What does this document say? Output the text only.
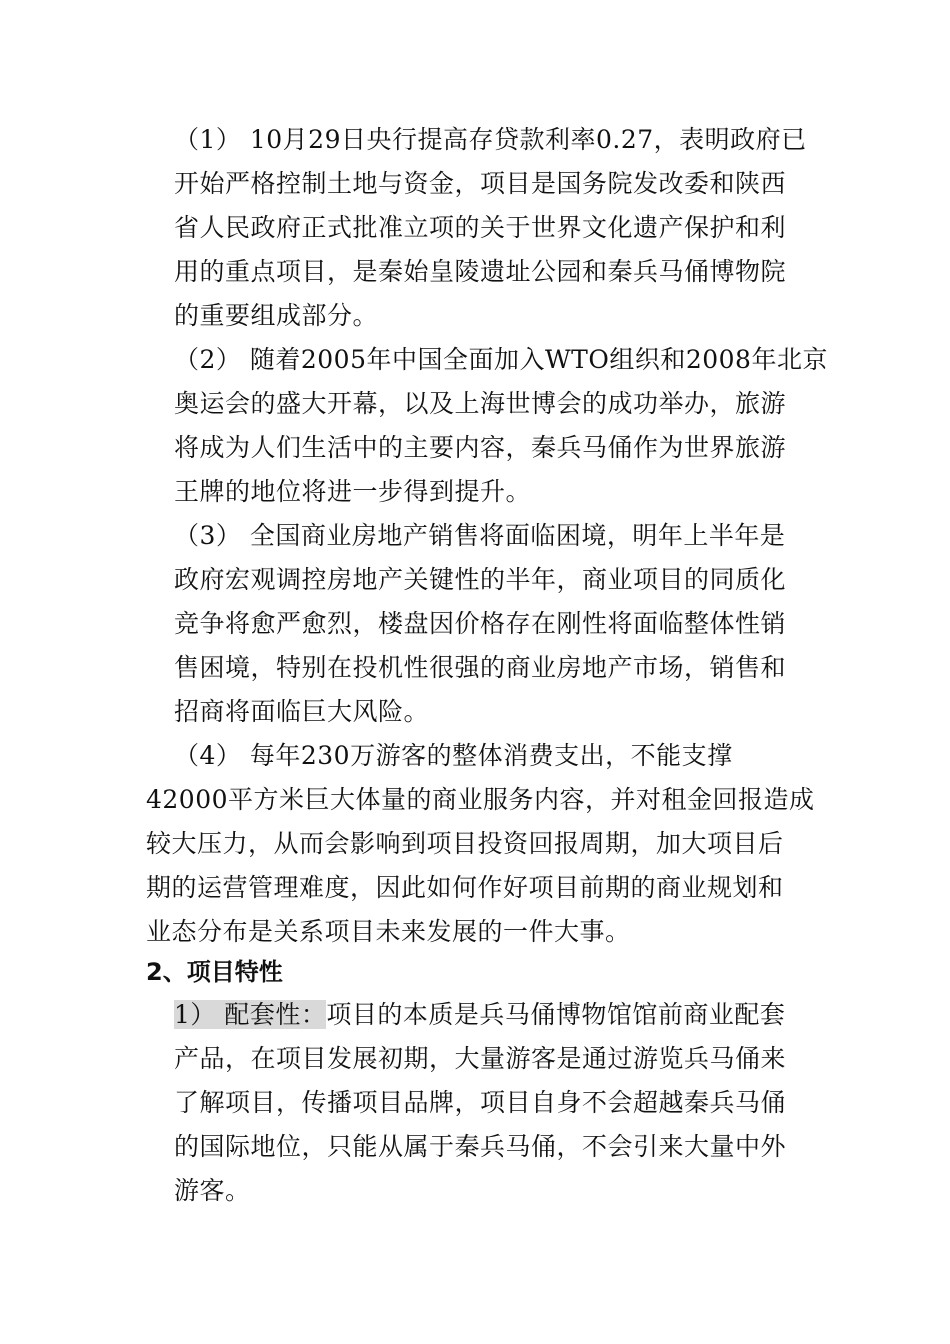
（1） 10月29日央行提高存贷款利率0.27，表明政府已
开始严格控制土地与资金，项目是国务院发改委和陕西
省人民政府正式批准立项的关于世界文化遗产保护和利
用的重点项目，是秦始皇陵遗址公园和秦兵马俑博物院
的重要组成部分。
（2） 随着2005年中国全面加入WTO组织和2008年北京
奥运会的盛大开幕，以及上海世博会的成功举办，旅游
将成为人们生活中的主要内容，秦兵马俑作为世界旅游
王牌的地位将进一步得到提升。
（3） 全国商业房地产销售将面临困境，明年上半年是
政府宏观调控房地产关键性的半年，商业项目的同质化
竞争将愈严愈烈，楼盘因价格存在刚性将面临整体性销
售困境，特别在投机性很强的商业房地产市场，销售和
招商将面临巨大风险。
（4） 每年230万游客的整体消费支出，不能支撑
42000平方米巨大体量的商业服务内容，并对租金回报造成
较大压力，从而会影响到项目投资回报周期，加大项目后
期的运营管理难度，因此如何作好项目前期的商业规划和
业态分布是关系项目未来发展的一件大事。
2、项目特性
1） 配套性：项目的本质是兵马俑博物馆馆前商业配套
产品，在项目发展初期，大量游客是通过游览兵马俑来
了解项目，传播项目品牌，项目自身不会超越秦兵马俑
的国际地位，只能从属于秦兵马俑，不会引来大量中外
游客。
